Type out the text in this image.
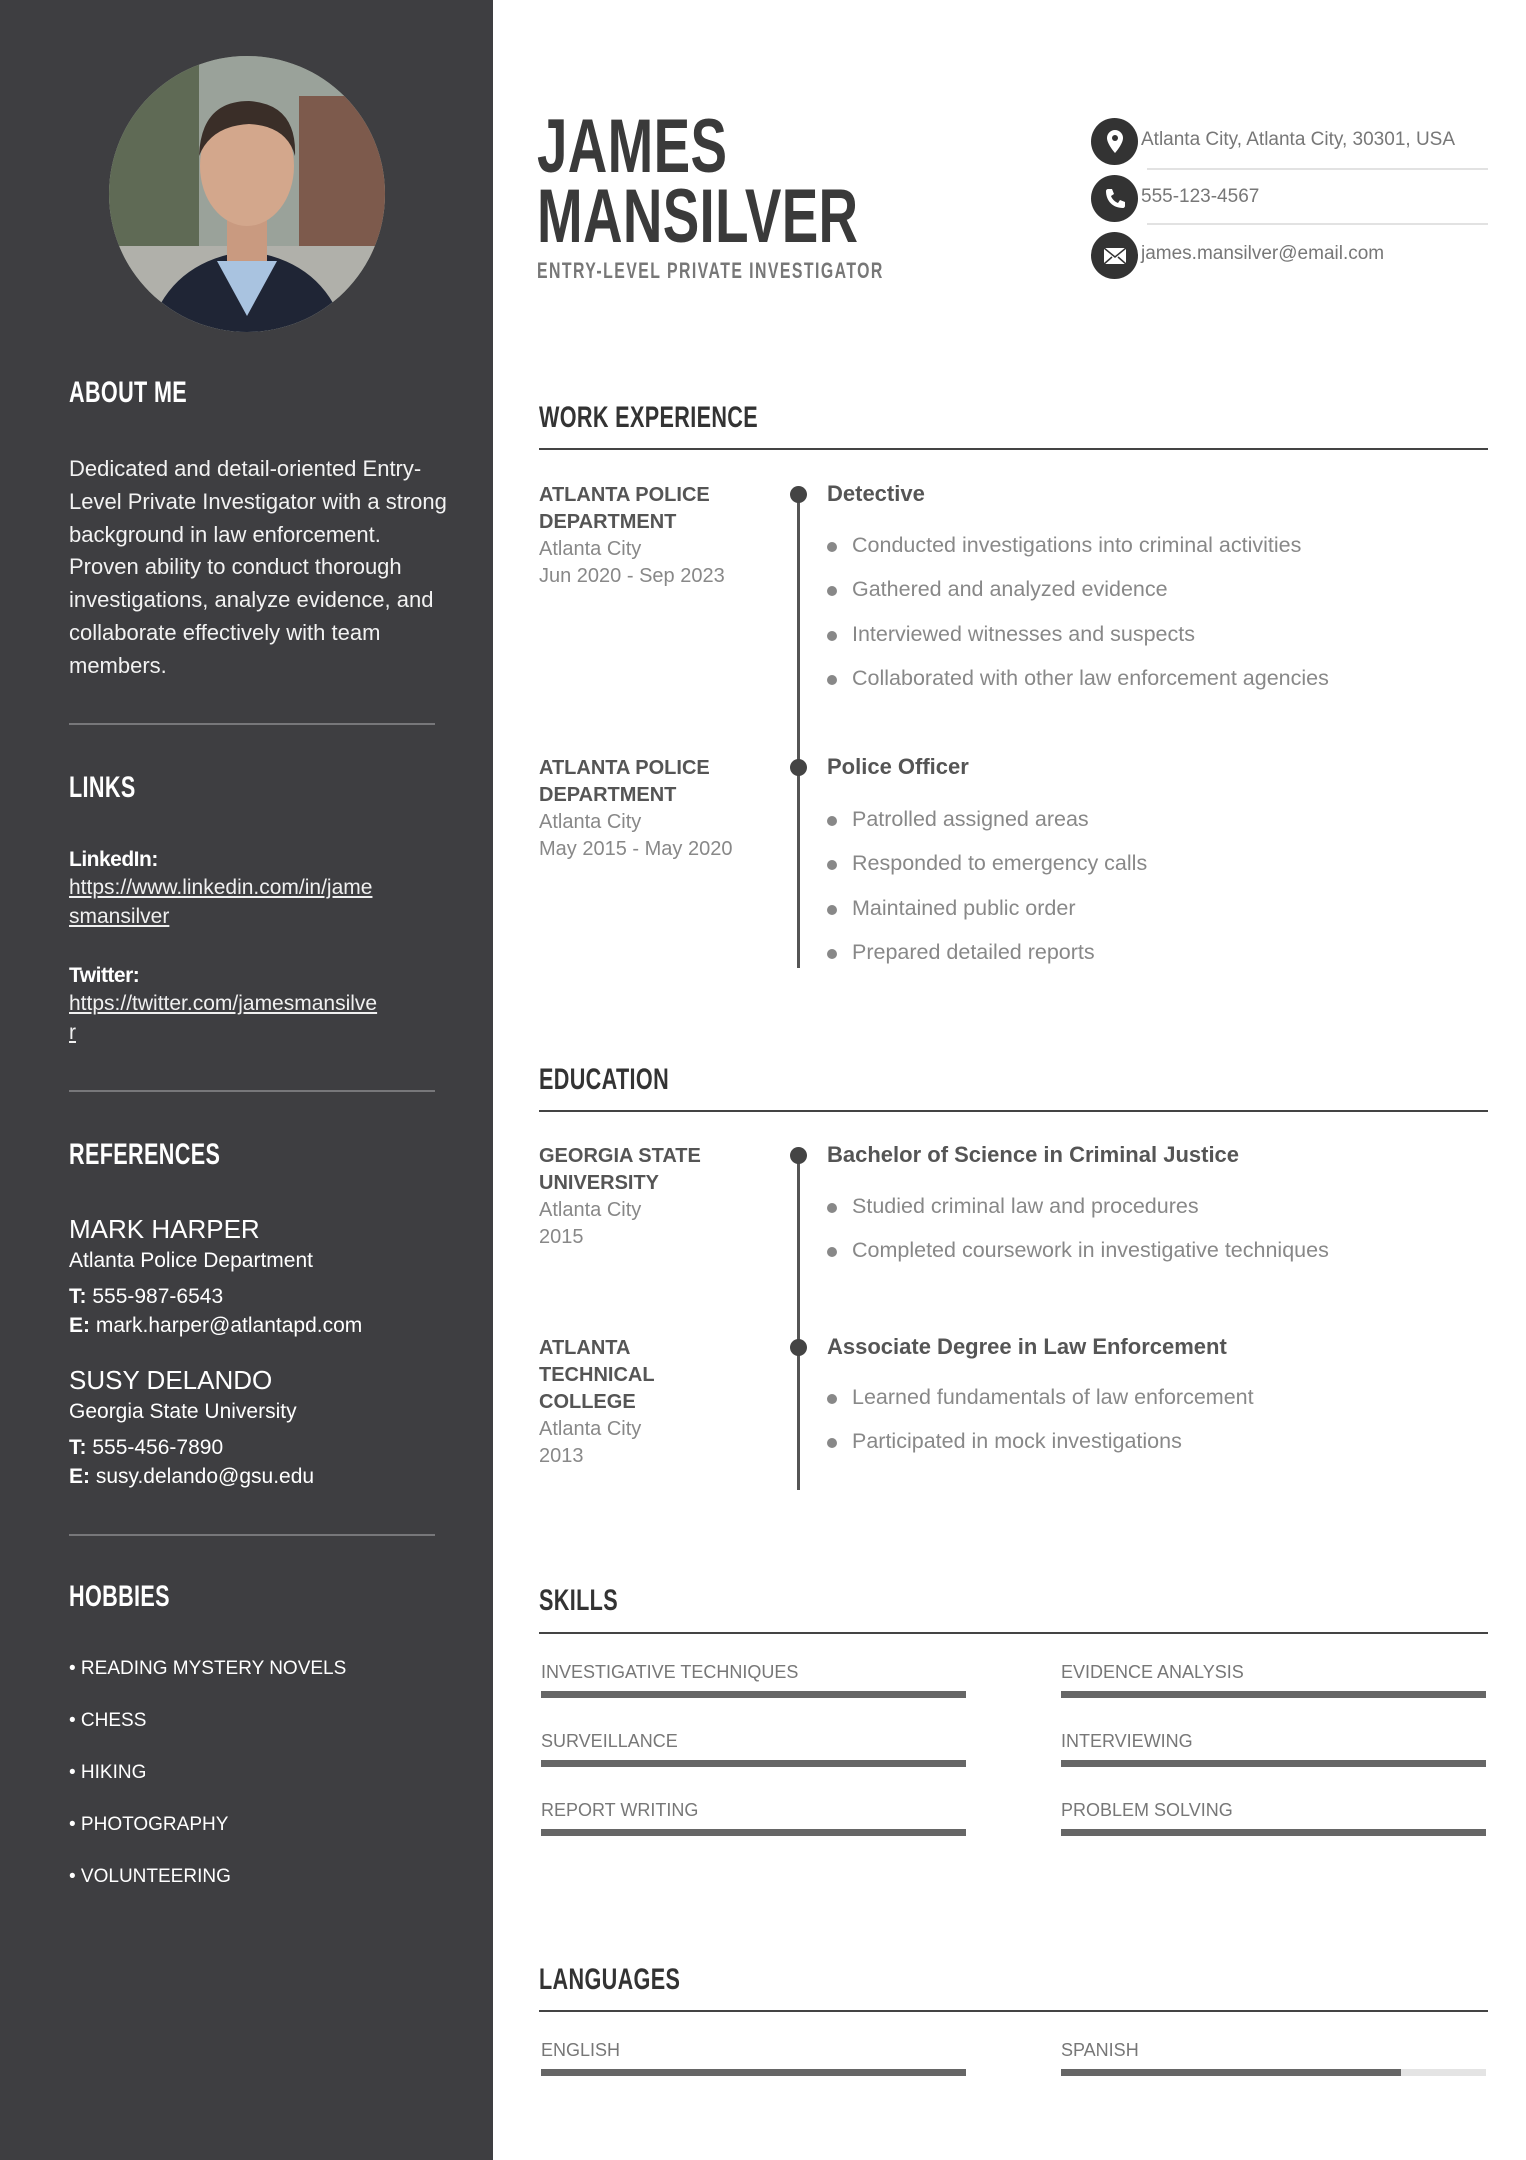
ABOUT ME
Dedicated and detail-oriented Entry-Level Private Investigator with a strong background in law enforcement. Proven ability to conduct thorough investigations, analyze evidence, and collaborate effectively with team members.
LINKS
LinkedIn:
https://www.linkedin.com/in/jame
smansilver
Twitter:
https://twitter.com/jamesmansilve
r
REFERENCES
MARK HARPER
Atlanta Police Department
T: 555-987-6543
E: mark.harper@atlantapd.com
SUSY DELANDO
Georgia State University
T: 555-456-7890
E: susy.delando@gsu.edu
HOBBIES
• READING MYSTERY NOVELS
• CHESS
• HIKING
• PHOTOGRAPHY
• VOLUNTEERING
JAMES
MANSILVER
ENTRY-LEVEL PRIVATE INVESTIGATOR
Atlanta City, Atlanta City, 30301, USA
555-123-4567
james.mansilver@email.com
WORK EXPERIENCE
ATLANTA POLICE
DEPARTMENT
Atlanta City
Jun 2020 - Sep 2023
Detective
Conducted investigations into criminal activities
Gathered and analyzed evidence
Interviewed witnesses and suspects
Collaborated with other law enforcement agencies
ATLANTA POLICE
DEPARTMENT
Atlanta City
May 2015 - May 2020
Police Officer
Patrolled assigned areas
Responded to emergency calls
Maintained public order
Prepared detailed reports
EDUCATION
GEORGIA STATE
UNIVERSITY
Atlanta City
2015
Bachelor of Science in Criminal Justice
Studied criminal law and procedures
Completed coursework in investigative techniques
ATLANTA
TECHNICAL
COLLEGE
Atlanta City
2013
Associate Degree in Law Enforcement
Learned fundamentals of law enforcement
Participated in mock investigations
SKILLS
INVESTIGATIVE TECHNIQUES	EVIDENCE ANALYSIS
SURVEILLANCE	INTERVIEWING
REPORT WRITING	PROBLEM SOLVING
LANGUAGES
ENGLISH	SPANISH
